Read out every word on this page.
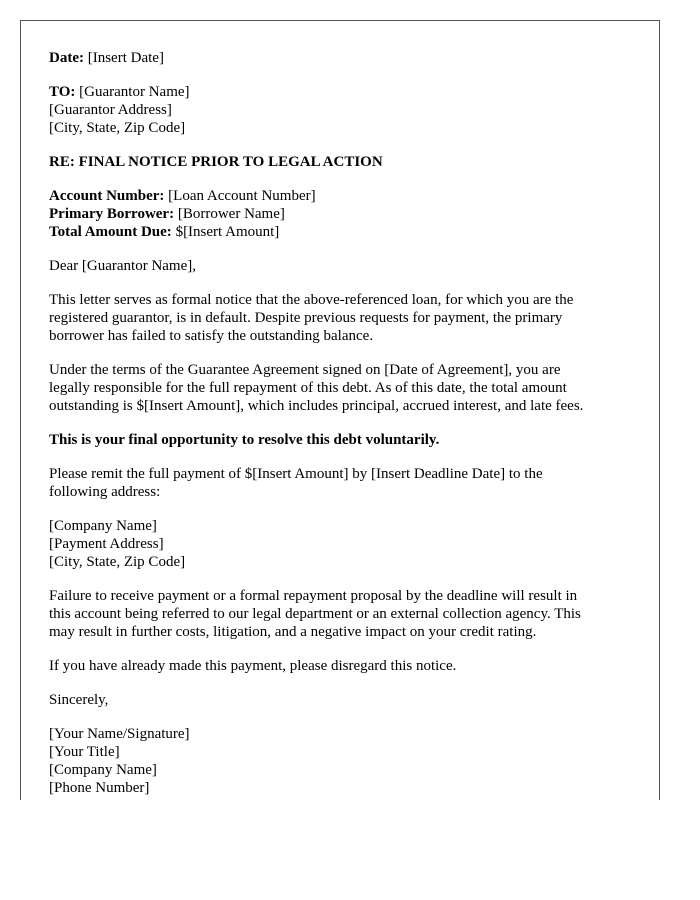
Date: [Insert Date]

TO: [Guarantor Name]
[Guarantor Address]
[City, State, Zip Code]

RE: FINAL NOTICE PRIOR TO LEGAL ACTION

Account Number: [Loan Account Number]
Primary Borrower: [Borrower Name]
Total Amount Due: $[Insert Amount]

Dear [Guarantor Name],

This letter serves as formal notice that the above-referenced loan, for which you are the
registered guarantor, is in default. Despite previous requests for payment, the primary
borrower has failed to satisfy the outstanding balance.

Under the terms of the Guarantee Agreement signed on [Date of Agreement], you are
legally responsible for the full repayment of this debt. As of this date, the total amount
outstanding is $[Insert Amount], which includes principal, accrued interest, and late fees.

This is your final opportunity to resolve this debt voluntarily.

Please remit the full payment of $[Insert Amount] by [Insert Deadline Date] to the
following address:

[Company Name]
[Payment Address]
[City, State, Zip Code]

Failure to receive payment or a formal repayment proposal by the deadline will result in
this account being referred to our legal department or an external collection agency. This
may result in further costs, litigation, and a negative impact on your credit rating.

If you have already made this payment, please disregard this notice.

Sincerely,

[Your Name/Signature]
[Your Title]
[Company Name]
[Phone Number]
